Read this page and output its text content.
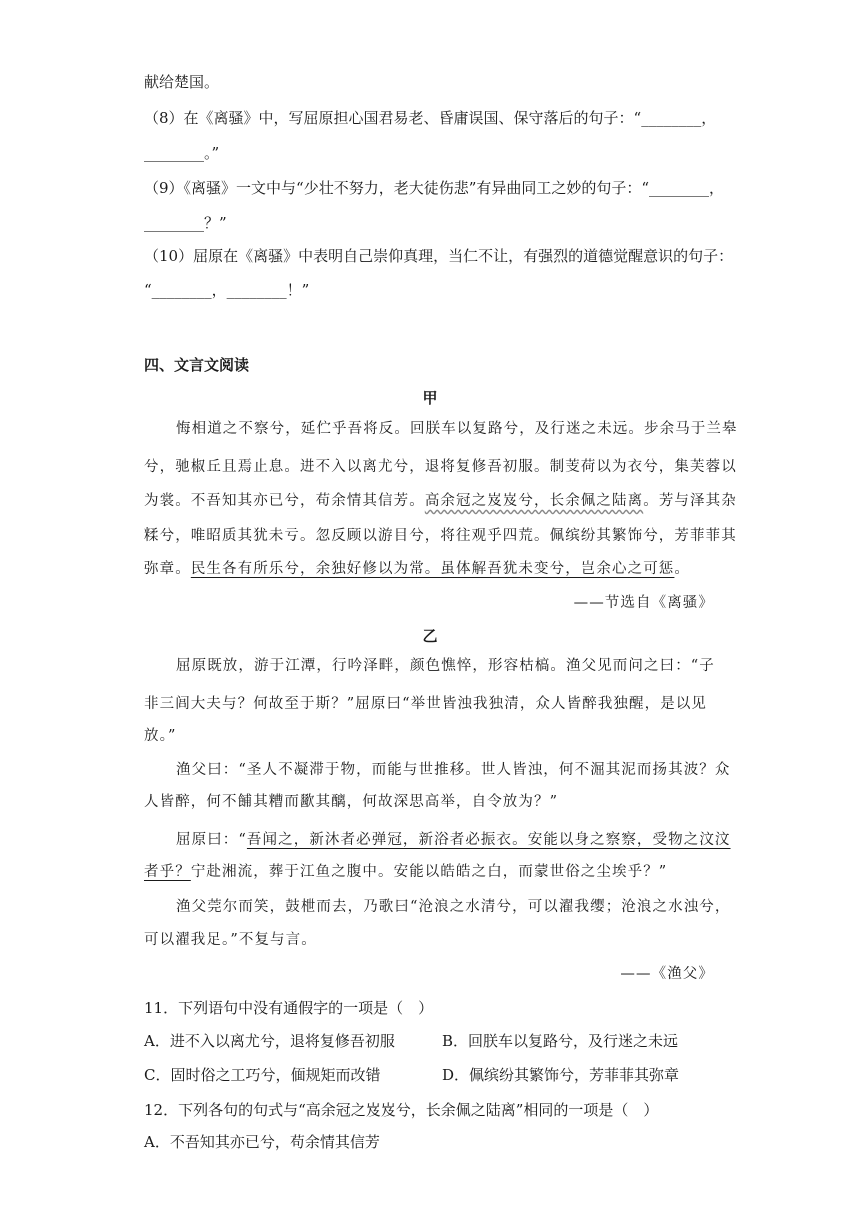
献给楚国。
（8）在《离骚》中，写屈原担心国君易老、昏庸误国、保守落后的句子：“________，
________。”
（9）《离骚》一文中与“少壮不努力，老大徒伤悲”有异曲同工之妙的句子：“________，
________？”
（10）屈原在《离骚》中表明自己崇仰真理，当仁不让，有强烈的道德觉醒意识的句子：
“________，________！”
四、文言文阅读
甲
悔相道之不察兮，延伫乎吾将反。回朕车以复路兮，及行迷之未远。步余马于兰皋
兮，驰椒丘且焉止息。进不入以离尤兮，退将复修吾初服。制芰荷以为衣兮，集芙蓉以
为裳。不吾知其亦已兮，苟余情其信芳。高余冠之岌岌兮，长余佩之陆离。芳与泽其杂
糅兮，唯昭质其犹未亏。忽反顾以游目兮，将往观乎四荒。佩缤纷其繁饰兮，芳菲菲其
弥章。民生各有所乐兮，余独好修以为常。虽体解吾犹未变兮，岂余心之可惩。
——节选自《离骚》
乙
屈原既放，游于江潭，行吟泽畔，颜色憔悴，形容枯槁。渔父见而问之曰：“子
非三闾大夫与？何故至于斯？”屈原曰“举世皆浊我独清，众人皆醉我独醒，是以见
放。”
渔父曰：“圣人不凝滞于物，而能与世推移。世人皆浊，何不淈其泥而扬其波？众
人皆醉，何不餔其糟而歠其醨，何故深思高举，自令放为？”
屈原曰：“吾闻之，新沐者必弹冠，新浴者必振衣。安能以身之察察，受物之汶汶
者乎？宁赴湘流，葬于江鱼之腹中。安能以皓皓之白，而蒙世俗之尘埃乎？”
渔父莞尔而笑，鼓枻而去，乃歌曰“沧浪之水清兮，可以濯我缨；沧浪之水浊兮，
可以濯我足。”不复与言。
——《渔父》
11．下列语句中没有通假字的一项是（　）
A．进不入以离尤兮，退将复修吾初服	B．回朕车以复路兮，及行迷之未远
C．固时俗之工巧兮，偭规矩而改错	D．佩缤纷其繁饰兮，芳菲菲其弥章
12．下列各句的句式与“高余冠之岌岌兮，长余佩之陆离”相同的一项是（　）
A．不吾知其亦已兮，苟余情其信芳
